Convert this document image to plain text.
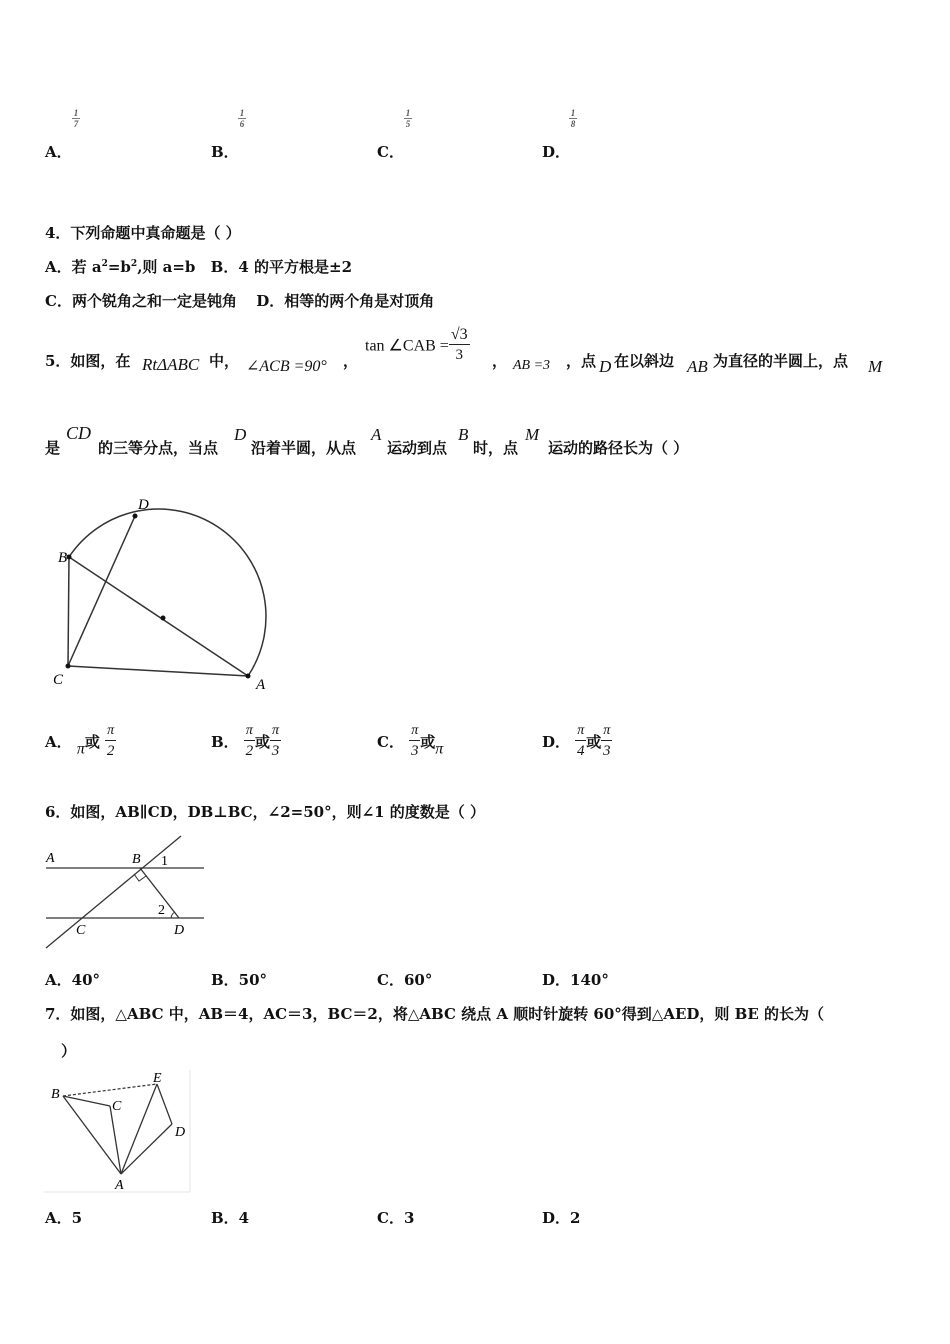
A．
1
7
B．
1
6
C．
1
5
D．
1
8
4．下列命题中真命题是（ ）
A．若 $a^2=b^2$,则 a=b B．4 的平方根是±2
C．两个锐角之和一定是钝角 D．相等的两个角是对顶角
5．如图，在 RtΔABC 中， ∠ACB =90° ，
tan ∠CAB = $\frac{√3}{3}$ ， AB =3 ，点 D 在以斜边 AB 为直径的半圆上，点 M
是
CD
的三等分点，当点
D
沿着半圆，从点
A
运动到点
B
时，点
M
运动的路径长为（ ）
D
B
C	A
A． π或 $\frac{\pi}{2}$	B． $\frac{\pi}{2}$ 或 $\frac{\pi}{3}$	C． $\frac{\pi}{3}$ 或π	D． $\frac{\pi}{4}$ 或 $\frac{\pi}{3}$
6．如图，AB∥CD，DB⊥BC，∠2=50°，则∠1 的度数是（ ）
A	B 1
2
C	D
A．40°	B．50°	C．60°	D．140°
7．如图，△ABC 中，AB＝4，AC＝3，BC＝2，将△ABC 绕点 A 顺时针旋转 60°得到△AED，则 BE 的长为（
）
B
C
E
D
A
A．5	B．4	C．3	D．2
